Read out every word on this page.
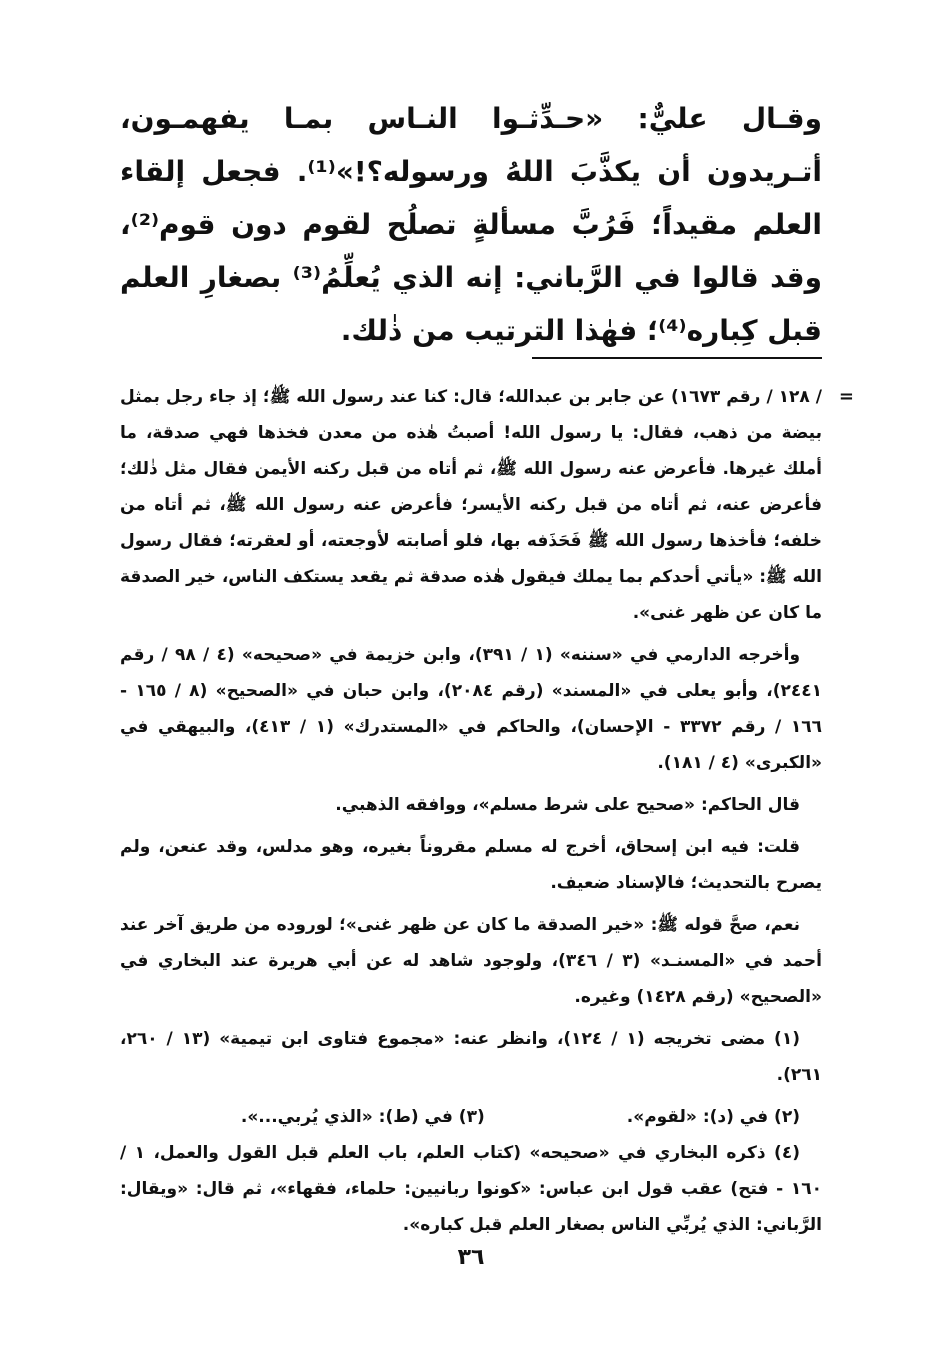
وقـال عليٌّ: «حـدِّثـوا النـاس بمـا يفهمـون، أتـريدون أن يكذَّبَ اللهُ ورسوله؟!»⁽¹⁾. فجعل إلقاء العلم مقيداً؛ فَرُبَّ مسألةٍ تصلُح لقوم دون قوم⁽²⁾، وقد قالوا في الرَّباني: إنه الذي يُعلِّمُ⁽³⁾ بصغارِ العلم قبل كِباره⁽⁴⁾؛ فهٰذا الترتيب من ذٰلك.

=
/ ١٢٨ / رقم ١٦٧٣) عن جابر بن عبدالله؛ قال: كنا عند رسول الله ﷺ؛ إذ جاء رجل بمثل بيضة من ذهب، فقال: يا رسول الله! أصبتُ هٰذه من معدن فخذها فهي صدقة، ما أملك غيرها. فأعرض عنه رسول الله ﷺ، ثم أتاه من قبل ركنه الأيمن فقال مثل ذٰلك؛ فأعرض عنه، ثم أتاه من قبل ركنه الأيسر؛ فأعرض عنه رسول الله ﷺ، ثم أتاه من خلفه؛ فأخذها رسول الله ﷺ فَحَذَفه بها، فلو أصابته لأوجعته، أو لعقرته؛ فقال رسول الله ﷺ: «يأتي أحدكم بما يملك فيقول هٰذه صدقة ثم يقعد يستكف الناس، خير الصدقة ما كان عن ظهر غنى».

وأخرجه الدارمي في «سننه» (١ / ٣٩١)، وابن خزيمة في «صحيحه» (٤ / ٩٨ / رقم ٢٤٤١)، وأبو يعلى في «المسند» (رقم ٢٠٨٤)، وابن حبان في «الصحيح» (٨ / ١٦٥ - ١٦٦ / رقم ٣٣٧٢ - الإحسان)، والحاكم في «المستدرك» (١ / ٤١٣)، والبيهقي في «الكبرى» (٤ / ١٨١).

قال الحاكم: «صحيح على شرط مسلم»، ووافقه الذهبي.

قلت: فيه ابن إسحاق، أخرج له مسلم مقروناً بغيره، وهو مدلس، وقد عنعن، ولم يصرح بالتحديث؛ فالإسناد ضعيف.

نعم، صحَّ قوله ﷺ: «خير الصدقة ما كان عن ظهر غنى»؛ لوروده من طريق آخر عند أحمد في «المسنـد» (٣ / ٣٤٦)، ولوجود شاهد له عن أبي هريرة عند البخاري في «الصحيح» (رقم ١٤٢٨) وغيره.

(١) مضى تخريجه (١ / ١٢٤)، وانظر عنه: «مجموع فتاوى ابن تيمية» (١٣ / ٢٦٠، ٢٦١).

(٢) في (د): «لقوم».
(٣) في (ط): «الذي يُربي...».

(٤) ذكره البخاري في «صحيحه» (كتاب العلم، باب العلم قبل القول والعمل، ١ / ١٦٠ - فتح) عقب قول ابن عباس: «كونوا ربانيين: حلماء، فقهاء»، ثم قال: «ويقال: الرَّباني: الذي يُربِّي الناس بصغار العلم قبل كباره».

٣٦
